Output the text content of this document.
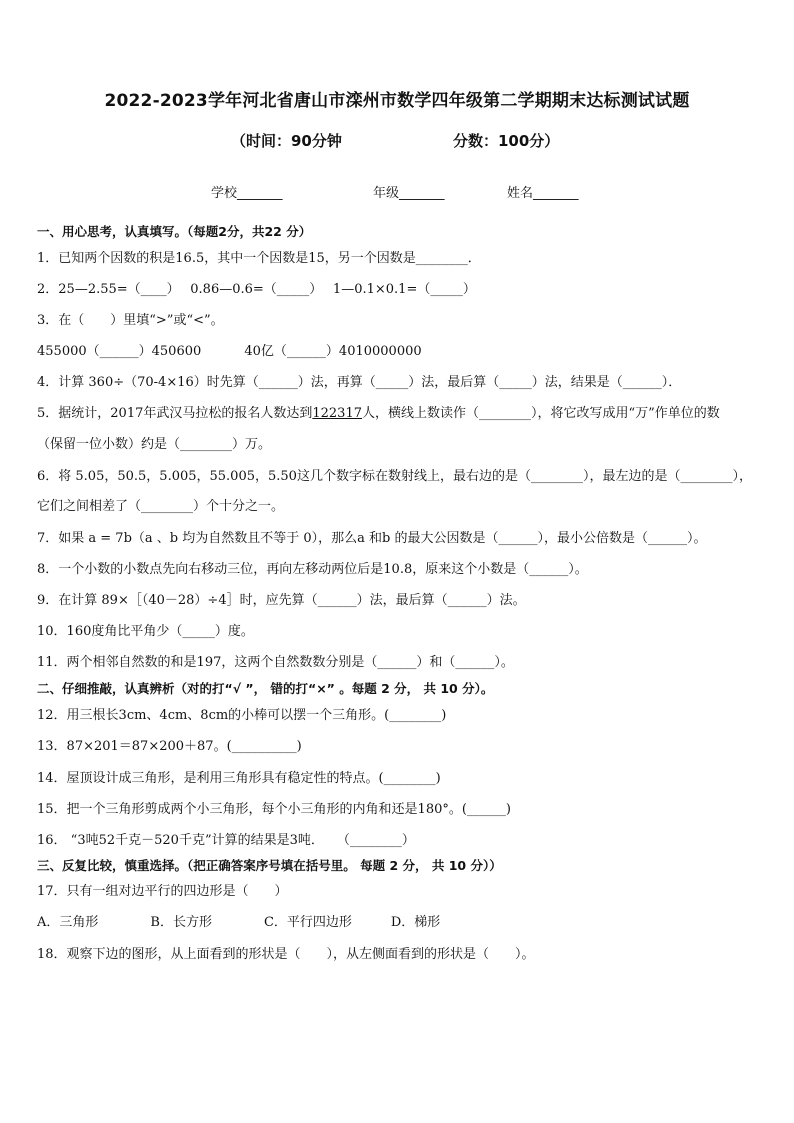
2022-2023学年河北省唐山市滦州市数学四年级第二学期期末达标测试试题
（时间：90分钟	分数：100分）
学校_______	年级_______	姓名_______
一、用心思考，认真填写。（每题2分，共22 分）
1．已知两个因数的积是16.5，其中一个因数是15，另一个因数是________．
2．25—2.55=（____）　 0.86—0.6=（_____）　 1—0.1×0.1=（_____）
3．在（　　）里填“>”或“<”。
455000（______）450600　　　 40亿（______）4010000000
4．计算 360÷（70-4×16）时先算（______）法，再算（_____）法，最后算（_____）法，结果是（______）．
5．据统计，2017年武汉马拉松的报名人数达到122317人，横线上数读作（________），将它改写成用“万”作单位的数
（保留一位小数）约是（________）万。
6．将 5.05，50.5，5.005，55.005，5.50这几个数字标在数射线上，最右边的是（________），最左边的是（________），
它们之间相差了（________）个十分之一。
7．如果 a = 7b（a 、b 均为自然数且不等于 0），那么a 和b 的最大公因数是（______），最小公倍数是（______）。
8．一个小数的小数点先向右移动三位，再向左移动两位后是10.8，原来这个小数是（______）。
9．在计算 89×［（40－28）÷4］时，应先算（______）法，最后算（______）法。
10．160度角比平角少（_____）度。
11．两个相邻自然数的和是197，这两个自然数数分别是（______）和（______）。
二、仔细推敲，认真辨析（对的打“√ ”， 错的打“×” 。每题 2 分， 共 10 分）。
12．用三根长3cm、4cm、8cm的小棒可以摆一个三角形。(________)
13．87×201＝87×200＋87。(__________)
14．屋顶设计成三角形，是利用三角形具有稳定性的特点。(________)
15．把一个三角形剪成两个小三角形，每个小三角形的内角和还是180°。(______)
16． “3吨52千克－520千克”计算的结果是3吨．　　（________）
三、反复比较，慎重选择。（把正确答案序号填在括号里。 每题 2 分， 共 10 分））
17．只有一组对边平行的四边形是（　　）
A．三角形　　　　B．长方形　　　　C．平行四边形　　　D．梯形
18．观察下边的图形，从上面看到的形状是（　　），从左侧面看到的形状是（　　）。
